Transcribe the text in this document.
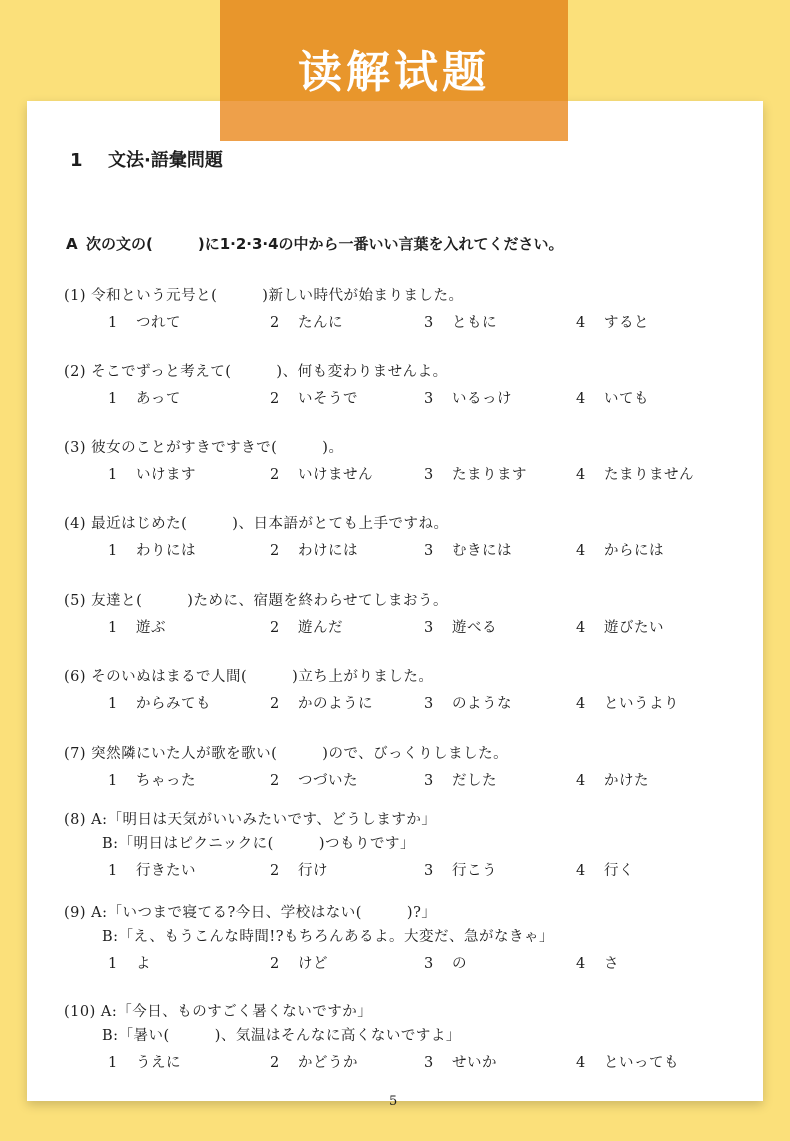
读解试题
1 文法·語彙問題
A 次の文の(　　　)に1·2·3·4の中から一番いい言葉を入れてください。
(1) 令和という元号と(　　　)新しい時代が始まりました。
1 つれて	2 たんに	3 ともに	4 すると
(2) そこでずっと考えて(　　　)、何も変わりませんよ。
1 あって	2 いそうで	3 いるっけ	4 いても
(3) 彼女のことがすきですきで(　　　)。
1 いけます	2 いけません	3 たまります	4 たまりません
(4) 最近はじめた(　　　)、日本語がとても上手ですね。
1 わりには	2 わけには	3 むきには	4 からには
(5) 友達と(　　　)ために、宿題を終わらせてしまおう。
1 遊ぶ	2 遊んだ	3 遊べる	4 遊びたい
(6) そのいぬはまるで人間(　　　)立ち上がりました。
1 からみても	2 かのように	3 のような	4 というより
(7) 突然隣にいた人が歌を歌い(　　　)ので、びっくりしました。
1 ちゃった	2 つづいた	3 だした	4 かけた
(8) A:「明日は天気がいいみたいです、どうしますか」
B:「明日はピクニックに(　　　)つもりです」
1 行きたい	2 行け	3 行こう	4 行く
(9) A:「いつまで寝てる?今日、学校はない(　　　)?」
B:「え、もうこんな時間!?もちろんあるよ。大変だ、急がなきゃ」
1 よ	2 けど	3 の	4 さ
(10) A:「今日、ものすごく暑くないですか」
B:「暑い(　　　)、気温はそんなに高くないですよ」
1 うえに	2 かどうか	3 せいか	4 といっても
5
